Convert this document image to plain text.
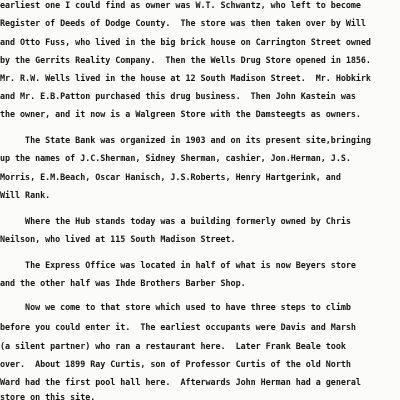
earliest one I could find as owner was W.T. Schwantz, who left to become
Register of Deeds of Dodge County.  The store was then taken over by Will
and Otto Fuss, who lived in the big brick house on Carrington Street owned
by the Gerrits Reality Company.  Then the Wells Drug Store opened in 1856.
Mr. R.W. Wells lived in the house at 12 South Madison Street.  Mr. Hobkirk
and Mr. E.B.Patton purchased this drug business.  Then John Kastein was
the owner, and it now is a Walgreen Store with the Damsteegts as owners.
The State Bank was organized in 1903 and on its present site,bringing
up the names of J.C.Sherman, Sidney Sherman, cashier, Jon.Herman, J.S.
Morris, E.M.Beach, Oscar Hanisch, J.S.Roberts, Henry Hartgerink, and
Will Rank.
Where the Hub stands today was a building formerly owned by Chris
Neilson, who lived at 115 South Madison Street.
The Express Office was located in half of what is now Beyers store
and the other half was Ihde Brothers Barber Shop.
Now we come to that store which used to have three steps to climb
before you could enter it.  The earliest occupants were Davis and Marsh
(a silent partner) who ran a restaurant here.  Later Frank Beale took
over.  About 1899 Ray Curtis, son of Professor Curtis of the old North
Ward had the first pool hall here.  Afterwards John Herman had a general
store on this site.
